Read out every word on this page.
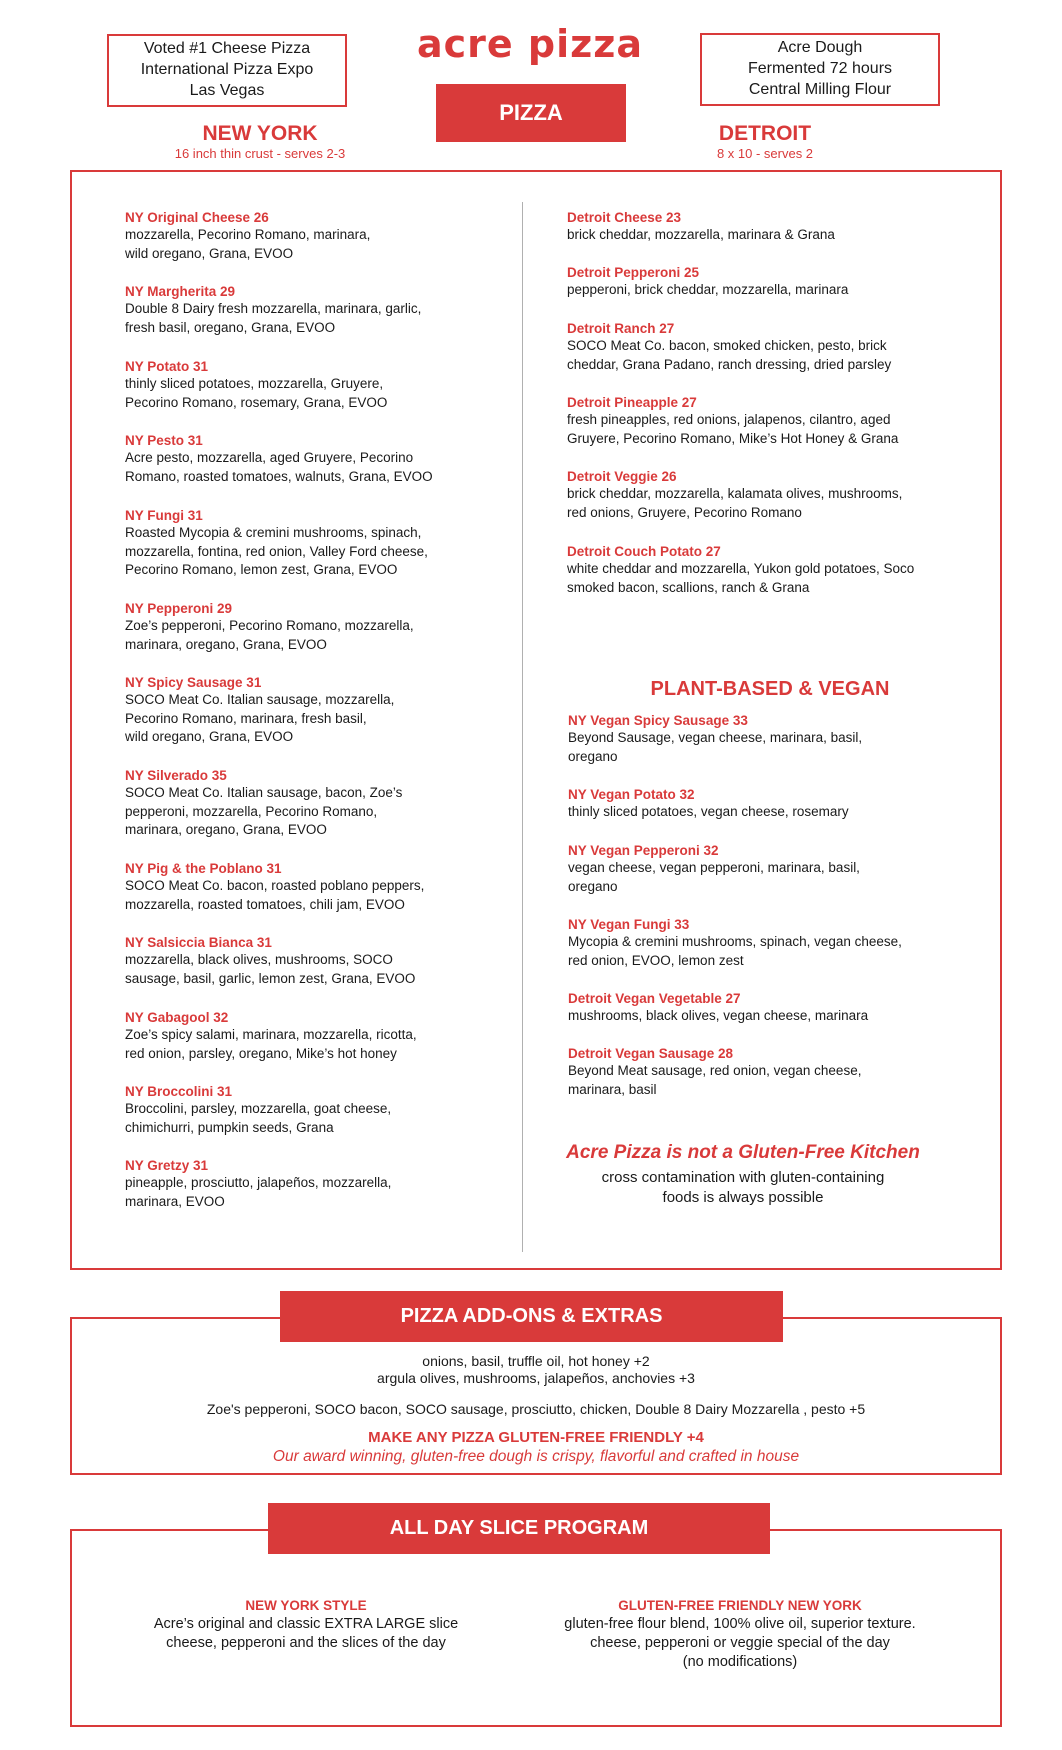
Voted #1 Cheese Pizza
International Pizza Expo
Las Vegas
acre pizza	Acre Dough
Fermented 72 hours
Central Milling Flour
PIZZA
NEW YORK
16 inch thin crust - serves 2-3
DETROIT
8 x 10 - serves 2
NY Original Cheese 26
mozzarella, Pecorino Romano, marinara,
wild oregano, Grana, EVOO
NY Margherita 29
Double 8 Dairy fresh mozzarella, marinara, garlic,
fresh basil, oregano, Grana, EVOO
NY Potato 31
thinly sliced potatoes, mozzarella, Gruyere,
Pecorino Romano, rosemary, Grana, EVOO
NY Pesto 31
Acre pesto, mozzarella, aged Gruyere, Pecorino
Romano, roasted tomatoes, walnuts, Grana, EVOO
NY Fungi 31
Roasted Mycopia & cremini mushrooms, spinach,
mozzarella, fontina, red onion, Valley Ford cheese,
Pecorino Romano, lemon zest, Grana, EVOO
NY Pepperoni 29
Zoe’s pepperoni, Pecorino Romano, mozzarella,
marinara, oregano, Grana, EVOO
NY Spicy Sausage 31
SOCO Meat Co. Italian sausage, mozzarella,
Pecorino Romano, marinara, fresh basil,
wild oregano, Grana, EVOO
NY Silverado 35
SOCO Meat Co. Italian sausage, bacon, Zoe’s
pepperoni, mozzarella, Pecorino Romano,
marinara, oregano, Grana, EVOO
NY Pig & the Poblano 31
SOCO Meat Co. bacon, roasted poblano peppers,
mozzarella, roasted tomatoes, chili jam, EVOO
NY Salsiccia Bianca 31
mozzarella, black olives, mushrooms, SOCO
sausage, basil, garlic, lemon zest, Grana, EVOO
NY Gabagool 32
Zoe’s spicy salami, marinara, mozzarella, ricotta,
red onion, parsley, oregano, Mike’s hot honey
NY Broccolini 31
Broccolini, parsley, mozzarella, goat cheese,
chimichurri, pumpkin seeds, Grana
NY Gretzy 31
pineapple, prosciutto, jalapeños, mozzarella,
marinara, EVOO
Detroit Cheese 23
brick cheddar, mozzarella, marinara & Grana
Detroit Pepperoni 25
pepperoni, brick cheddar, mozzarella, marinara
Detroit Ranch 27
SOCO Meat Co. bacon, smoked chicken, pesto, brick
cheddar, Grana Padano, ranch dressing, dried parsley
Detroit Pineapple 27
fresh pineapples, red onions, jalapenos, cilantro, aged
Gruyere, Pecorino Romano, Mike’s Hot Honey & Grana
Detroit Veggie 26
brick cheddar, mozzarella, kalamata olives, mushrooms,
red onions, Gruyere, Pecorino Romano
Detroit Couch Potato 27
white cheddar and mozzarella, Yukon gold potatoes, Soco
smoked bacon, scallions, ranch & Grana
PLANT-BASED & VEGAN
NY Vegan Spicy Sausage 33
Beyond Sausage, vegan cheese, marinara, basil,
oregano
NY Vegan Potato 32
thinly sliced potatoes, vegan cheese, rosemary
NY Vegan Pepperoni 32
vegan cheese, vegan pepperoni, marinara, basil,
oregano
NY Vegan Fungi 33
Mycopia & cremini mushrooms, spinach, vegan cheese,
red onion, EVOO, lemon zest
Detroit Vegan Vegetable 27
mushrooms, black olives, vegan cheese, marinara
Detroit Vegan Sausage 28
Beyond Meat sausage, red onion, vegan cheese,
marinara, basil
Acre Pizza is not a Gluten-Free Kitchen
cross contamination with gluten-containing
foods is always possible
PIZZA ADD-ONS & EXTRAS
onions, basil, truffle oil, hot honey +2
argula olives, mushrooms, jalapeños, anchovies +3
Zoe's pepperoni, SOCO bacon, SOCO sausage, prosciutto, chicken, Double 8 Dairy Mozzarella , pesto +5
MAKE ANY PIZZA GLUTEN-FREE FRIENDLY +4
Our award winning, gluten-free dough is crispy, flavorful and crafted in house
ALL DAY SLICE PROGRAM
NEW YORK STYLE
Acre’s original and classic EXTRA LARGE slice
cheese, pepperoni and the slices of the day
GLUTEN-FREE FRIENDLY NEW YORK
gluten-free flour blend, 100% olive oil, superior texture.
cheese, pepperoni or veggie special of the day
(no modifications)
